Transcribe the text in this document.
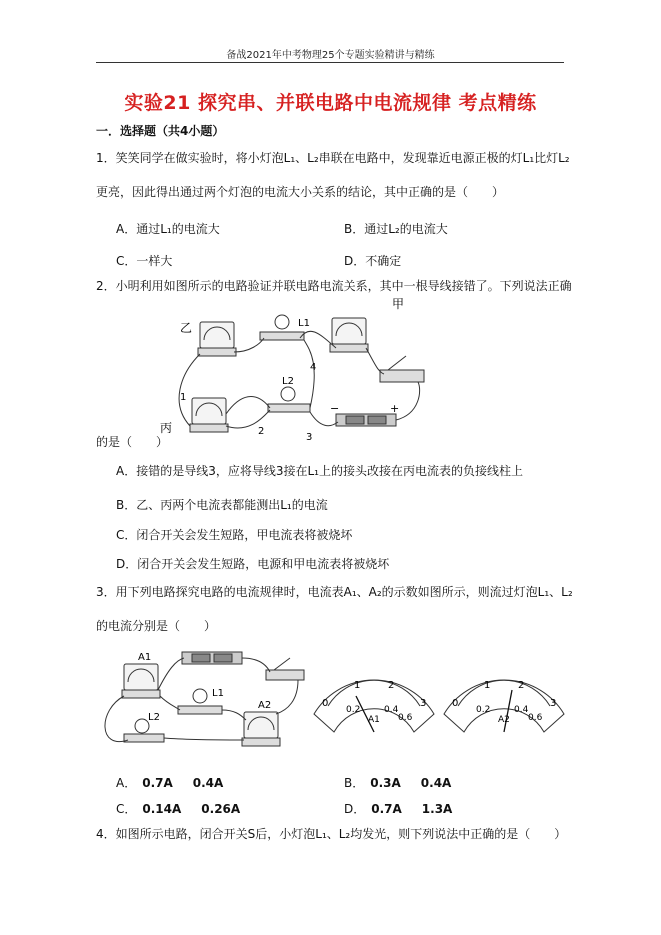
备战2021年中考物理25个专题实验精讲与精练
实验21 探究串、并联电路中电流规律 考点精练
一．选择题（共4小题）
1．笑笑同学在做实验时，将小灯泡L₁、L₂串联在电路中，发现靠近电源正极的灯L₁比灯L₂
更亮，因此得出通过两个灯泡的电流大小关系的结论，其中正确的是（　　）
A．通过L₁的电流大	B．通过L₂的电流大
C．一样大	D．不确定
2．小明利用如图所示的电路验证并联电路电流关系，其中一根导线接错了。下列说法正确
乙
甲
丙
L1
L2
1
2
3
4
−	+
的是（　　）
A．接错的是导线3，应将导线3接在L₁上的接头改接在丙电流表的负接线柱上
B．乙、丙两个电流表都能测出L₁的电流
C．闭合开关会发生短路，甲电流表将被烧坏
D．闭合开关会发生短路，电源和甲电流表将被烧坏
3．用下列电路探究电路的电流规律时，电流表A₁、A₂的示数如图所示，则流过灯泡L₁、L₂
的电流分别是（　　）
A1
L1
L2
A2	0
1	2
3
0.2	0.4
0.6
A1
0
1	2
3
0.2	0.4
0.6
A2
A． 0.7A 0.4A	B． 0.3A 0.4A
C． 0.14A 0.26A	D． 0.7A 1.3A
4．如图所示电路，闭合开关S后，小灯泡L₁、L₂均发光，则下列说法中正确的是（　　）
